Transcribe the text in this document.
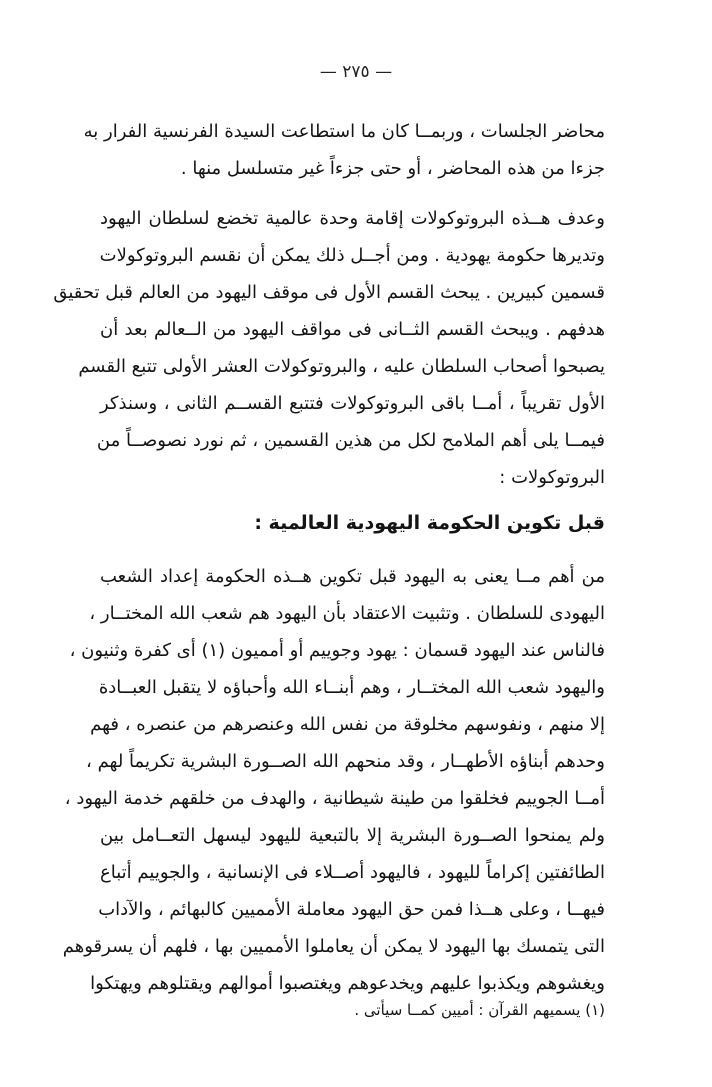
— ٢٧٥ —
محاضر الجلسات ، وربمــا كان ما استطاعت السيدة الفرنسية الفرار به
جزءا من هذه المحاضر ، أو حتى جزءاً غير متسلسل منها .
وعدف هــذه البروتوكولات إقامة وحدة عالمية تخضع لسلطان اليهود
وتديرها حكومة يهودية . ومن أجــل ذلك يمكن أن نقسم البروتوكولات
قسمين كبيرين . يبحث القسم الأول فى موقف اليهود من العالم قبل تحقيق
هدفهم . ويبحث القسم الثــانى فى مواقف اليهود من الــعالم بعد أن
يصبحوا أصحاب السلطان عليه ، والبروتوكولات العشر الأولى تتبع القسم
الأول تقريباً ، أمــا باقى البروتوكولات فتتبع القســم الثانى ، وسنذكر
فيمــا يلى أهم الملامح لكل من هذين القسمين ، ثم نورد نصوصــاً من
البروتوكولات :
قبل تكوين الحكومة اليهودية العالمية :
من أهم مــا يعنى به اليهود قبل تكوين هــذه الحكومة إعداد الشعب
اليهودى للسلطان . وتثبيت الاعتقاد بأن اليهود هم شعب الله المختــار ،
فالناس عند اليهود قسمان : يهود وجوييم أو أمميون (١) أى كفرة وثنيون ،
واليهود شعب الله المختــار ، وهم أبنــاء الله وأحباؤه لا يتقبل العبــادة
إلا منهم ، ونفوسهم مخلوقة من نفس الله وعنصرهم من عنصره ، فهم
وحدهم أبناؤه الأطهــار ، وقد منحهم الله الصــورة البشرية تكريماً لهم ،
أمــا الجوييم فخلقوا من طينة شيطانية ، والهدف من خلقهم خدمة اليهود ،
ولم يمنحوا الصــورة البشرية إلا بالتبعية لليهود ليسهل التعــامل بين
الطائفتين إكراماً لليهود ، فاليهود أصــلاء فى الإنسانية ، والجوييم أتباع
فيهــا ، وعلى هــذا فمن حق اليهود معاملة الأمميين كالبهائم ، والآداب
التى يتمسك بها اليهود لا يمكن أن يعاملوا الأمميين بها ، فلهم أن يسرقوهم
ويغشوهم ويكذبوا عليهم ويخدعوهم ويغتصبوا أموالهم ويقتلوهم ويهتكوا
(١) يسميهم القرآن : أميين كمــا سيأتى .
